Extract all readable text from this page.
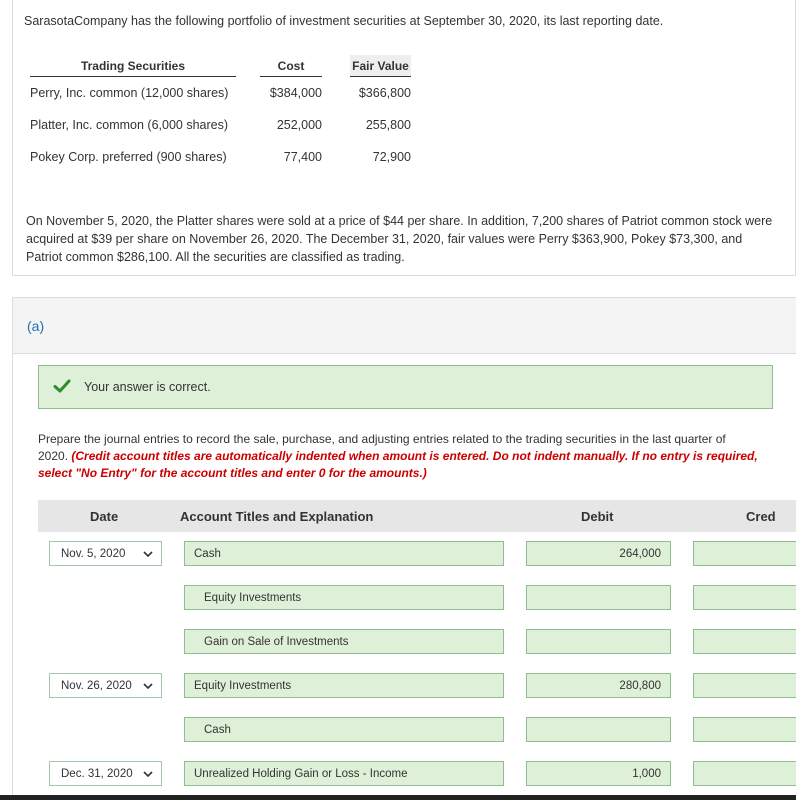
SarasotaCompany has the following portfolio of investment securities at September 30, 2020, its last reporting date.
Trading Securities		Cost		Fair Value
Perry, Inc. common (12,000 shares)		$384,000		$366,800
Platter, Inc. common (6,000 shares)		252,000		255,800
Pokey Corp. preferred (900 shares)		77,400		72,900
On November 5, 2020, the Platter shares were sold at a price of $44 per share. In addition, 7,200 shares of Patriot common stock were acquired at $39 per share on November 26, 2020. The December 31, 2020, fair values were Perry $363,900, Pokey $73,300, and Patriot common $286,100. All the securities are classified as trading.
(a)
Your answer is correct.
Prepare the journal entries to record the sale, purchase, and adjusting entries related to the trading securities in the last quarter of 2020. (Credit account titles are automatically indented when amount is entered. Do not indent manually. If no entry is required, select "No Entry" for the account titles and enter 0 for the amounts.)
Date	Account Titles and Explanation	Debit	Cred
Nov. 5, 2020	Cash	264,000
Equity Investments
Gain on Sale of Investments
Nov. 26, 2020	Equity Investments	280,800
Cash
Dec. 31, 2020	Unrealized Holding Gain or Loss - Income	1,000
